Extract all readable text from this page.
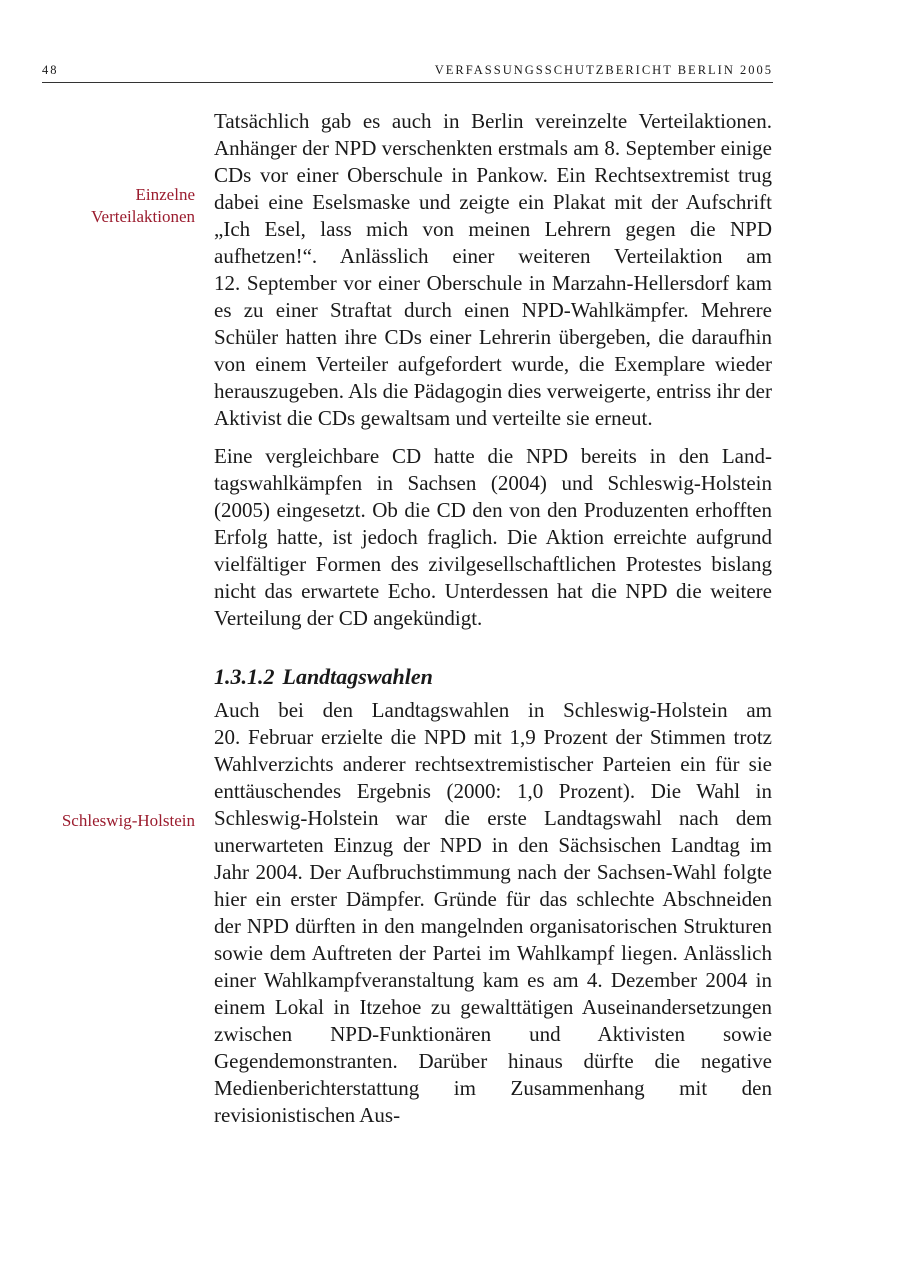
48	VERFASSUNGSSCHUTZBERICHT BERLIN 2005
Einzelne
Verteilaktionen
Schleswig-Holstein

Tatsächlich gab es auch in Berlin vereinzelte Verteilaktionen. Anhänger der NPD verschenkten erstmals am 8. September einige CDs vor einer Oberschule in Pankow. Ein Rechtsextremist trug dabei eine Eselsmaske und zeigte ein Plakat mit der Aufschrift „Ich Esel, lass mich von meinen Lehrern gegen die NPD aufhetzen!“. Anlässlich einer weiteren Verteilaktion am 12. September vor einer Oberschule in Marzahn-Hellersdorf kam es zu einer Straftat durch einen NPD-Wahlkämpfer. Mehrere Schüler hatten ihre CDs einer Lehrerin übergeben, die daraufhin von einem Verteiler aufgefordert wurde, die Exemplare wieder herauszugeben. Als die Pädagogin dies verweigerte, entriss ihr der Aktivist die CDs gewaltsam und verteilte sie erneut.

Eine vergleichbare CD hatte die NPD bereits in den Landtagswahlkämpfen in Sachsen (2004) und Schleswig-Holstein (2005) eingesetzt. Ob die CD den von den Produzenten erhofften Erfolg hatte, ist jedoch fraglich. Die Aktion erreichte aufgrund vielfältiger Formen des zivilgesellschaftlichen Protestes bislang nicht das erwartete Echo. Unterdessen hat die NPD die weitere Verteilung der CD angekündigt.

1.3.1.2 Landtagswahlen

Auch bei den Landtagswahlen in Schleswig-Holstein am 20. Februar erzielte die NPD mit 1,9 Prozent der Stimmen trotz Wahlverzichts anderer rechtsextremistischer Parteien ein für sie enttäuschendes Ergebnis (2000: 1,0 Prozent). Die Wahl in Schleswig-Holstein war die erste Landtagswahl nach dem unerwarteten Einzug der NPD in den Sächsischen Landtag im Jahr 2004. Der Aufbruchstimmung nach der Sachsen-Wahl folgte hier ein erster Dämpfer. Gründe für das schlechte Abschneiden der NPD dürften in den mangelnden organisatorischen Strukturen sowie dem Auftreten der Partei im Wahlkampf liegen. Anlässlich einer Wahlkampfveranstaltung kam es am 4. Dezember 2004 in einem Lokal in Itzehoe zu gewalttätigen Auseinandersetzungen zwischen NPD-Funktionären und Aktivisten sowie Gegendemonstranten. Darüber hinaus dürfte die negative Medienberichterstattung im Zusammenhang mit den revisionistischen Aus-
